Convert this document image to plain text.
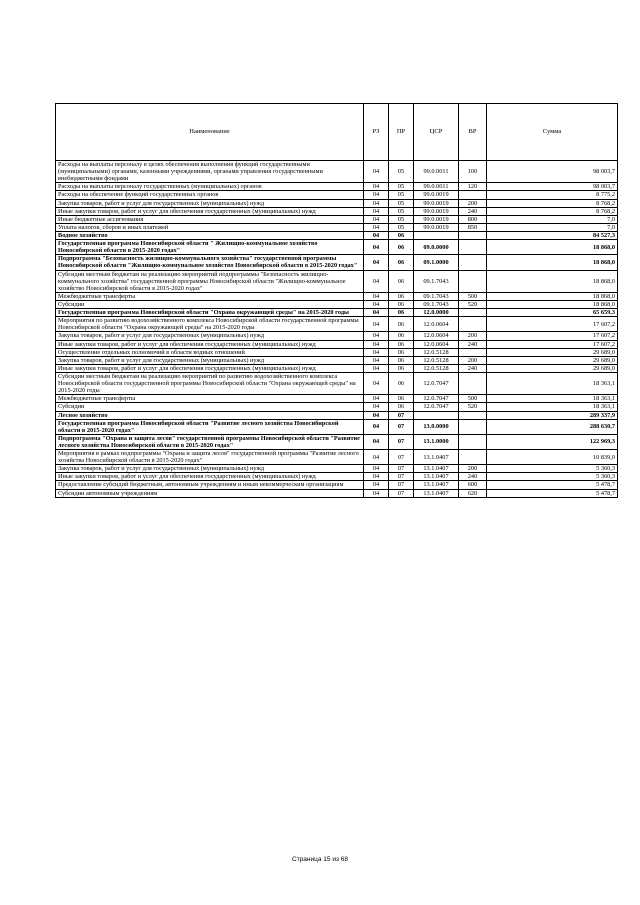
Наименование	РЗ	ПР	ЦСР	ВР	Сумма
Расходы на выплаты персоналу в целях обеспечения выполнения функций государственными (муниципальными) органами, казенными учреждениями, органами управления государственными внебюджетными фондами	04	05	99.0.0011	100	98 003,7
Расходы на выплаты персоналу государственных (муниципальных) органов	04	05	99.0.0011	120	98 003,7
Расходы на обеспечение функций государственных органов	04	05	99.0.0019		8 775,2
Закупка товаров, работ и услуг для государственных (муниципальных) нужд	04	05	99.0.0019	200	8 768,2
Иные закупки товаров, работ и услуг для обеспечения государственных (муниципальных) нужд	04	05	99.0.0019	240	8 768,2
Иные бюджетные ассигнования	04	05	99.0.0019	800	7,0
Уплата налогов, сборов и иных платежей	04	05	99.0.0019	850	7,0
Водное хозяйство	04	06			84 527,3
Государственная программа Новосибирской области " Жилищно-коммунальное хозяйство Новосибирской области в 2015-2020 годах"	04	06	09.0.0000		18 868,0
Подпрограмма "Безопасность жилищно-коммунального хозяйства" государственной программы Новосибирской области "Жилищно-коммунальное хозяйство Новосибирской области в 2015-2020 годах"	04	06	09.1.0000		18 868,0
Субсидии местным бюджетам на реализацию мероприятий подпрограммы "Безопасность жилищно-коммунального хозяйства" государственной программы Новосибирской области "Жилищно-коммунальное хозяйство Новосибирской области в 2015-2020 годах"	04	06	09.1.7043		18 868,0
Межбюджетные трансферты	04	06	09.1.7043	500	18 868,0
Субсидии	04	06	09.1.7043	520	18 868,0
Государственная программа Новосибирской области "Охрана окружающей среды" на 2015-2020 годы	04	06	12.0.0000		65 659,3
Мероприятия по развитию водохозяйственного комплекса Новосибирской области государственной программы Новосибирской области "Охрана окружающей среды" на 2015-2020 годы	04	06	12.0.0604		17 607,2
Закупка товаров, работ и услуг для государственных (муниципальных) нужд	04	06	12.0.0604	200	17 607,2
Иные закупки товаров, работ и услуг для обеспечения государственных (муниципальных) нужд	04	06	12.0.0604	240	17 607,2
Осуществление отдельных полномочий в области водных отношений	04	06	12.0.5128		29 689,0
Закупка товаров, работ и услуг для государственных (муниципальных) нужд	04	06	12.0.5128	200	29 689,0
Иные закупки товаров, работ и услуг для обеспечения государственных (муниципальных) нужд	04	06	12.0.5128	240	29 689,0
Субсидии местным бюджетам на реализацию мероприятий по развитию водохозяйственного комплекса Новосибирской области государственной программы Новосибирской области "Охрана окружающей среды" на 2015-2020 годы	04	06	12.0.7047		18 363,1
Межбюджетные трансферты	04	06	12.0.7047	500	18 363,1
Субсидии	04	06	12.0.7047	520	18 363,1
Лесное хозяйство	04	07			289 337,9
Государственная программа Новосибирской области "Развитие лесного хозяйства Новосибирской области в 2015-2020 годах"	04	07	13.0.0000		288 630,7
Подпрограмма "Охрана и защита лесов" государственной программы Новосибирской области "Развитие лесного хозяйства Новосибирской области в 2015-2020 годах"	04	07	13.1.0000		122 969,3
Мероприятия в рамках подпрограммы "Охрана и защита лесов" государственной программы "Развитие лесного хозяйства Новосибирской области в 2015-2020 годах"	04	07	13.1.0407		10 839,0
Закупка товаров, работ и услуг для государственных (муниципальных) нужд	04	07	13.1.0407	200	5 360,3
Иные закупки товаров, работ и услуг для обеспечения государственных (муниципальных) нужд	04	07	13.1.0407	240	5 360,3
Предоставление субсидий бюджетным, автономным учреждениям и иным некоммерческим организациям	04	07	13.1.0407	600	5 478,7
Субсидии автономным учреждениям	04	07	13.1.0407	620	5 478,7
Страница 15 из 68
